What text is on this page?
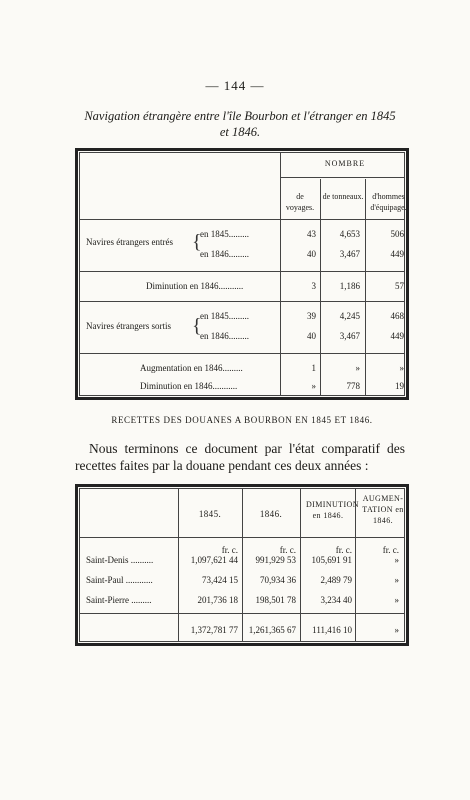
— 144 —
Navigation étrangère entre l'île Bourbon et l'étranger en 1845
et 1846.
NOMBRE
de voyages.
de tonneaux.	d'hommes d'équipage.
Navires étrangers entrés {
en 1845.........	43	4,653	506
en 1846.........	40	3,467	449
Diminution en 1846...........	3	1,186	57
Navires étrangers sortis {
en 1845.........	39	4,245	468
en 1846.........	40	3,467	449
Augmentation en 1846.........	1	»	»
Diminution en 1846...........	»	778	19
RECETTES DES DOUANES A BOURBON EN 1845 ET 1846.
Nous terminons ce document par l'état comparatif des recettes faites par la douane pendant ces deux années :
1845.	1846.
DIMINUTION en 1846.
AUGMEN- TATION en 1846.
fr. c.	fr. c.	fr. c.	fr. c.
Saint-Denis ..........	1,097,621 44	991,929 53	105,691 91	»
Saint-Paul ............	73,424 15	70,934 36	2,489 79	»
Saint-Pierre .........	201,736 18	198,501 78	3,234 40	»
1,372,781 77	1,261,365 67	111,416 10	»
